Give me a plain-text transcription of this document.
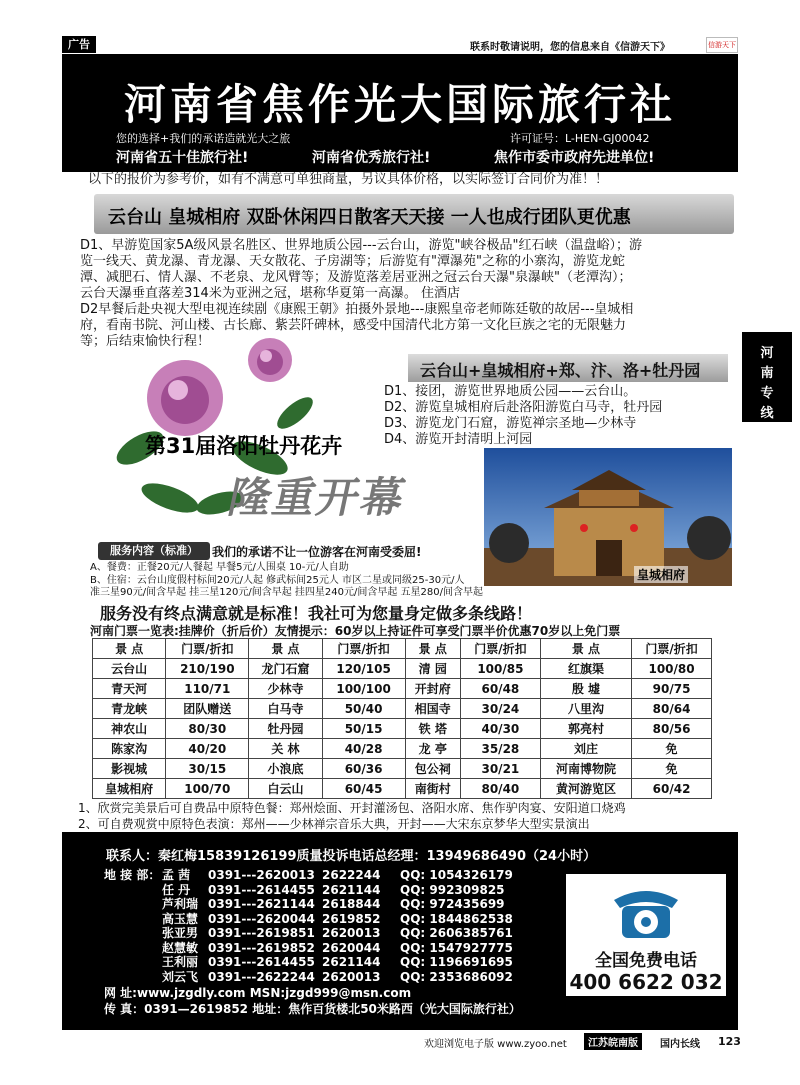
广告	联系时敬请说明，您的信息来自《信游天下》	信游天下
河南省焦作光大国际旅行社
您的选择+我们的承诺造就光大之旅	许可证号：L-HEN-GJ00042
河南省五十佳旅行社!	河南省优秀旅行社!	焦作市委市政府先进单位!
以下的报价为参考价，如有不满意可单独商量，另议具体价格，以实际签订合同价为准！！
云台山 皇城相府 双卧休闲四日散客天天接 一人也成行团队更优惠
D1、早游览国家5A级风景名胜区、世界地质公园---云台山，游览"峡谷极品"红石峡（温盘峪）；游
览一线天、黄龙瀑、青龙瀑、天女散花、子房湖等；后游览有"潭瀑苑"之称的小寨沟，游览龙蛇
潭、减肥石、情人瀑、不老泉、龙风臂等；及游览落差居亚洲之冠云台天瀑"泉瀑峡"（老潭沟）；
云台天瀑垂直落差314米为亚洲之冠，堪称华夏第一高瀑。 住酒店
D2早餐后赴央视大型电视连续剧《康熙王朝》拍摄外景地---康熙皇帝老师陈廷敬的故居---皇城相
府，看南书院、河山楼、古长廊、紫芸阡碑林，感受中国清代北方第一文化巨族之宅的无限魅力
等；后结束愉快行程！
河
南
专
线
云台山+皇城相府+郑、汴、洛+牡丹园
D1、接团，游览世界地质公园——云台山。
D2、游览皇城相府后赴洛阳游览白马寺，牡丹园
D3、游览龙门石窟，游览禅宗圣地—少林寺
D4、游览开封清明上河园
第31届洛阳牡丹花卉
隆重开幕
皇城相府
服务内容（标准）	我们的承诺不让一位游客在河南受委屈!
A、餐费：正餐20元/人餐起 早餐5元/人围桌 10-元/人自助
B、住宿：云台山度假村标间20元/人起 修武标间25元人 市区二星或同级25-30元/人
准三星90元/间含早起 挂三星120元/间含早起 挂四星240元/间含早起 五星280/间含早起
服务没有终点满意就是标准！我社可为您量身定做多条线路！
河南门票一览表:挂牌价（折后价）友情提示：60岁以上持证件可享受门票半价优惠70岁以上免门票
景 点	门票/折扣	景 点	门票/折扣	景 点	门票/折扣	景 点	门票/折扣
云台山	210/190	龙门石窟	120/105	清 园	100/85	红旗渠	100/80
青天河	110/71	少林寺	100/100	开封府	60/48	殷 墟	90/75
青龙峡	团队赠送	白马寺	50/40	相国寺	30/24	八里沟	80/64
神农山	80/30	牡丹园	50/15	铁 塔	40/30	郭亮村	80/56
陈家沟	40/20	关 林	40/28	龙 亭	35/28	刘庄	免
影视城	30/15	小浪底	60/36	包公祠	30/21	河南博物院	免
皇城相府	100/70	白云山	60/45	南街村	80/40	黄河游览区	60/42
1、欣赏完美景后可自费品中原特色餐：郑州烩面、开封灌汤包、洛阳水席、焦作驴肉宴、安阳道口烧鸡
2、可自费观赏中原特色表演：郑州——少林禅宗音乐大典，开封——大宋东京梦华大型实景演出
联系人：秦红梅15839126199质量投诉电话总经理：13949686490（24小时）
地 接 部： 孟 茜 0391---2620013 2622244 QQ: 1054326179
任 丹 0391---2614455 2621144 QQ: 992309825
芦利瑞 0391---2621144 2618844 QQ: 972435699
高玉慧 0391---2620044 2619852 QQ: 1844862538
张亚男 0391---2619851 2620013 QQ: 2606385761
赵慧敏 0391---2619852 2620044 QQ: 1547927775
王利丽 0391---2614455 2621144 QQ: 1196691695
刘云飞 0391---2622244 2620013 QQ: 2353686092
网 址:www.jzgdly.com MSN:jzgd999@msn.com
传 真：0391—2619852 地址：焦作百货楼北50米路西（光大国际旅行社）
全国免费电话
400 6622 032
欢迎浏览电子版 www.zyoo.net	江苏皖南版	国内长线 123
